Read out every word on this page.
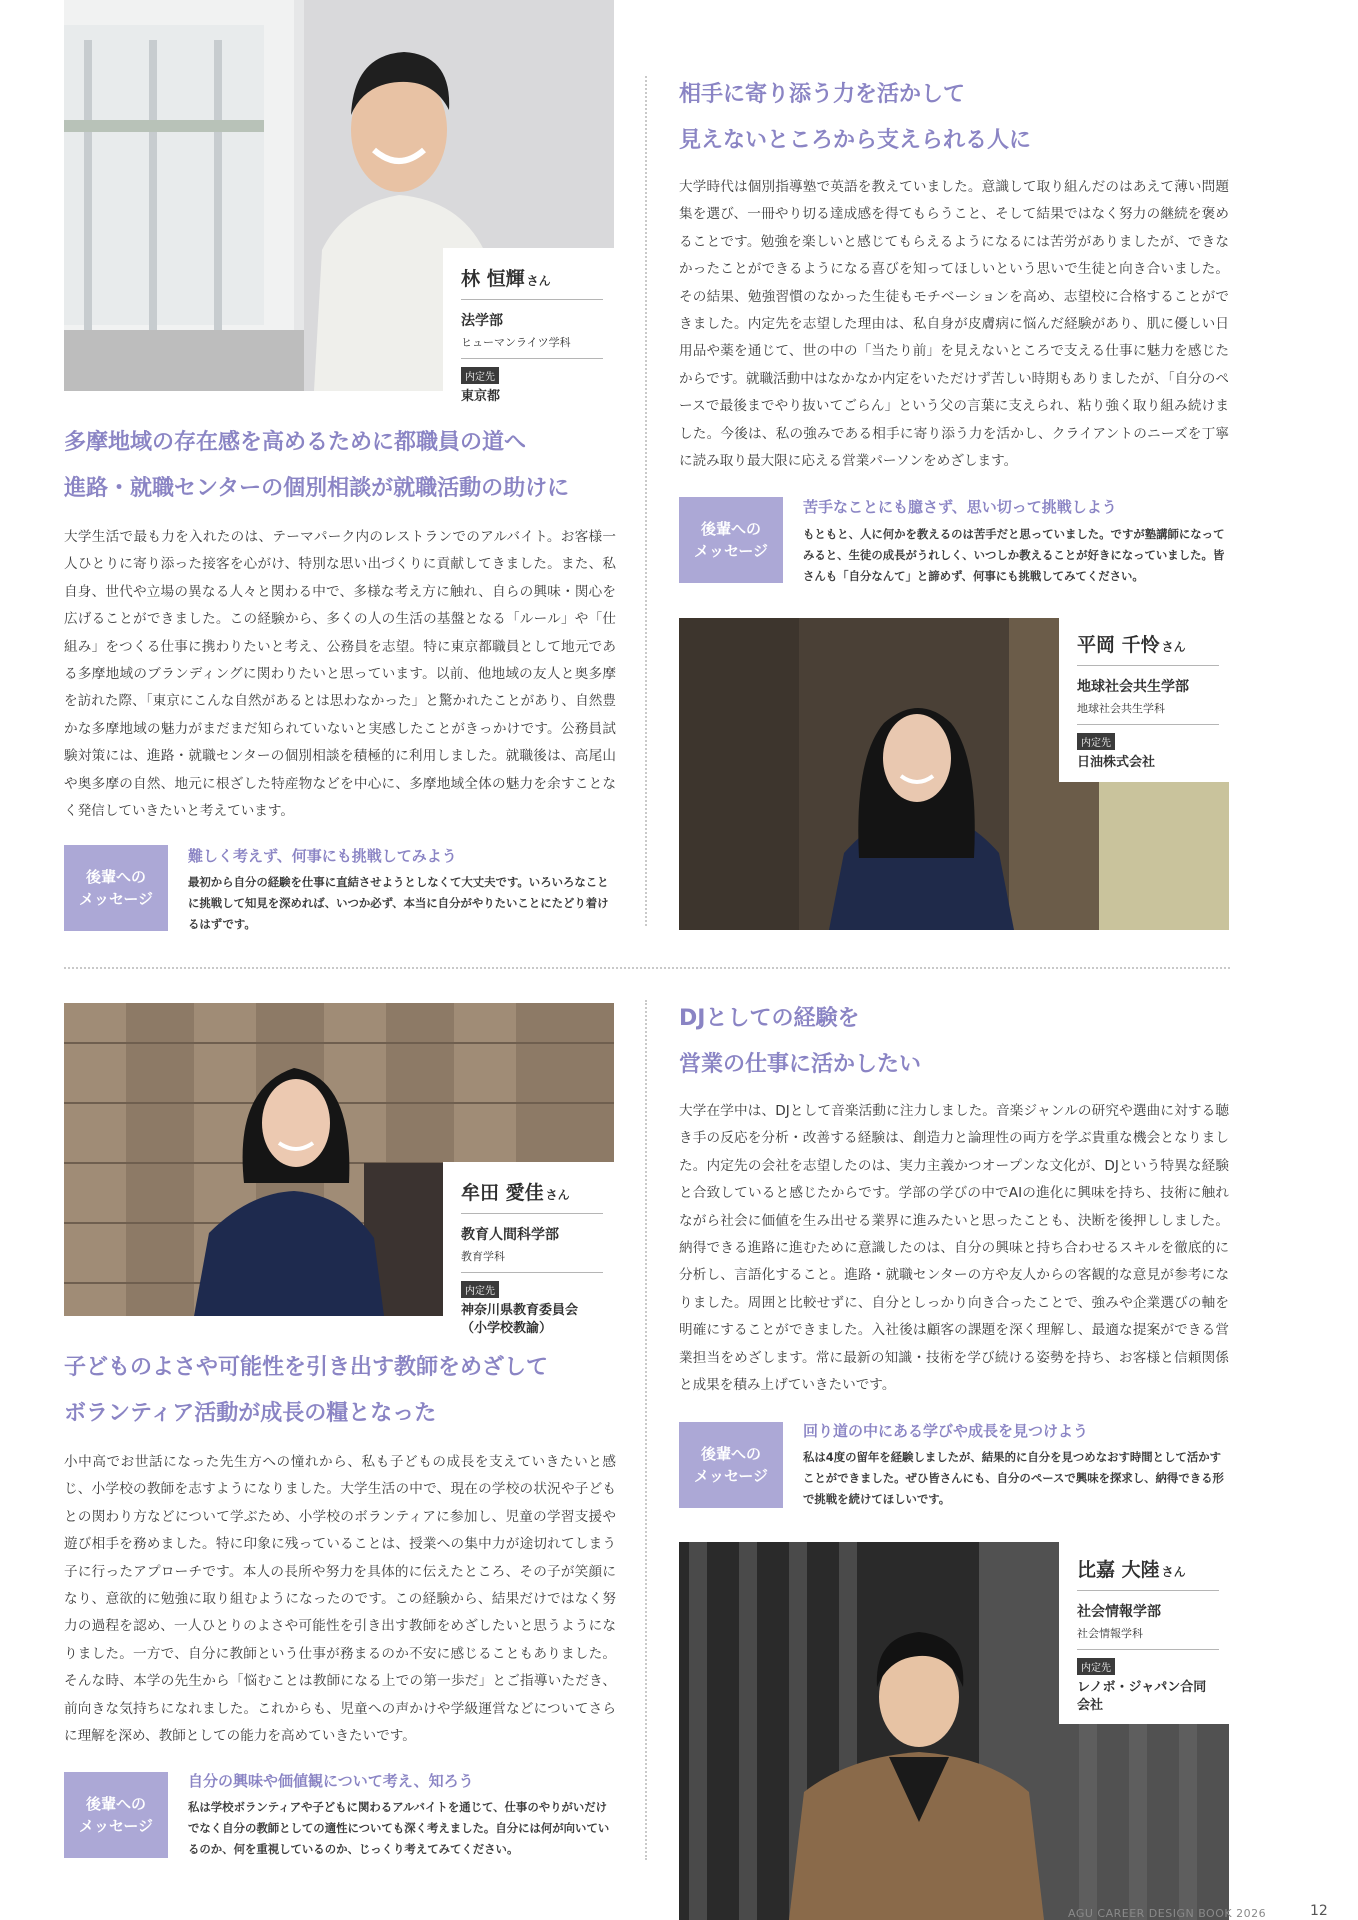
林 恒輝 さん
法学部
ヒューマンライツ学科
内定先
東京都
多摩地域の存在感を高めるために都職員の道へ
進路・就職センターの個別相談が就職活動の助けに
大学生活で最も力を入れたのは、テーマパーク内のレストランでのアルバイト。お客様一人ひとりに寄り添った接客を心がけ、特別な思い出づくりに貢献してきました。また、私自身、世代や立場の異なる人々と関わる中で、多様な考え方に触れ、自らの興味・関心を広げることができました。この経験から、多くの人の生活の基盤となる「ルール」や「仕組み」をつくる仕事に携わりたいと考え、公務員を志望。特に東京都職員として地元である多摩地域のブランディングに関わりたいと思っています。以前、他地域の友人と奥多摩を訪れた際、「東京にこんな自然があるとは思わなかった」と驚かれたことがあり、自然豊かな多摩地域の魅力がまだまだ知られていないと実感したことがきっかけです。公務員試験対策には、進路・就職センターの個別相談を積極的に利用しました。就職後は、高尾山や奥多摩の自然、地元に根ざした特産物などを中心に、多摩地域全体の魅力を余すことなく発信していきたいと考えています。
後輩への
メッセージ
難しく考えず、何事にも挑戦してみよう
最初から自分の経験を仕事に直結させようとしなくて大丈夫です。いろいろなことに挑戦して知見を深めれば、いつか必ず、本当に自分がやりたいことにたどり着けるはずです。
相手に寄り添う力を活かして
見えないところから支えられる人に
大学時代は個別指導塾で英語を教えていました。意識して取り組んだのはあえて薄い問題集を選び、一冊やり切る達成感を得てもらうこと、そして結果ではなく努力の継続を褒めることです。勉強を楽しいと感じてもらえるようになるには苦労がありましたが、できなかったことができるようになる喜びを知ってほしいという思いで生徒と向き合いました。その結果、勉強習慣のなかった生徒もモチベーションを高め、志望校に合格することができました。内定先を志望した理由は、私自身が皮膚病に悩んだ経験があり、肌に優しい日用品や薬を通じて、世の中の「当たり前」を見えないところで支える仕事に魅力を感じたからです。就職活動中はなかなか内定をいただけず苦しい時期もありましたが、「自分のペースで最後までやり抜いてごらん」という父の言葉に支えられ、粘り強く取り組み続けました。今後は、私の強みである相手に寄り添う力を活かし、クライアントのニーズを丁寧に読み取り最大限に応える営業パーソンをめざします。
後輩への
メッセージ
苦手なことにも臆さず、思い切って挑戦しよう
もともと、人に何かを教えるのは苦手だと思っていました。ですが塾講師になってみると、生徒の成長がうれしく、いつしか教えることが好きになっていました。皆さんも「自分なんて」と諦めず、何事にも挑戦してみてください。
平岡 千怜 さん
地球社会共生学部
地球社会共生学科
内定先
日油株式会社
牟田 愛佳 さん
教育人間科学部
教育学科
内定先
神奈川県教育委員会
（小学校教諭）
子どものよさや可能性を引き出す教師をめざして
ボランティア活動が成長の糧となった
小中高でお世話になった先生方への憧れから、私も子どもの成長を支えていきたいと感じ、小学校の教師を志すようになりました。大学生活の中で、現在の学校の状況や子どもとの関わり方などについて学ぶため、小学校のボランティアに参加し、児童の学習支援や遊び相手を務めました。特に印象に残っていることは、授業への集中力が途切れてしまう子に行ったアプローチです。本人の長所や努力を具体的に伝えたところ、その子が笑顔になり、意欲的に勉強に取り組むようになったのです。この経験から、結果だけではなく努力の過程を認め、一人ひとりのよさや可能性を引き出す教師をめざしたいと思うようになりました。一方で、自分に教師という仕事が務まるのか不安に感じることもありました。そんな時、本学の先生から「悩むことは教師になる上での第一歩だ」とご指導いただき、前向きな気持ちになれました。これからも、児童への声かけや学級運営などについてさらに理解を深め、教師としての能力を高めていきたいです。
後輩への
メッセージ
自分の興味や価値観について考え、知ろう
私は学校ボランティアや子どもに関わるアルバイトを通じて、仕事のやりがいだけでなく自分の教師としての適性についても深く考えました。自分には何が向いているのか、何を重視しているのか、じっくり考えてみてください。
DJとしての経験を
営業の仕事に活かしたい
大学在学中は、DJとして音楽活動に注力しました。音楽ジャンルの研究や選曲に対する聴き手の反応を分析・改善する経験は、創造力と論理性の両方を学ぶ貴重な機会となりました。内定先の会社を志望したのは、実力主義かつオープンな文化が、DJという特異な経験と合致していると感じたからです。学部の学びの中でAIの進化に興味を持ち、技術に触れながら社会に価値を生み出せる業界に進みたいと思ったことも、決断を後押ししました。納得できる進路に進むために意識したのは、自分の興味と持ち合わせるスキルを徹底的に分析し、言語化すること。進路・就職センターの方や友人からの客観的な意見が参考になりました。周囲と比較せずに、自分としっかり向き合ったことで、強みや企業選びの軸を明確にすることができました。入社後は顧客の課題を深く理解し、最適な提案ができる営業担当をめざします。常に最新の知識・技術を学び続ける姿勢を持ち、お客様と信頼関係と成果を積み上げていきたいです。
後輩への
メッセージ
回り道の中にある学びや成長を見つけよう
私は4度の留年を経験しましたが、結果的に自分を見つめなおす時間として活かすことができました。ぜひ皆さんにも、自分のペースで興味を探求し、納得できる形で挑戦を続けてほしいです。
比嘉 大陸 さん
社会情報学部
社会情報学科
内定先
レノボ・ジャパン合同会社
AGU CAREER DESIGN BOOK 2026	12
